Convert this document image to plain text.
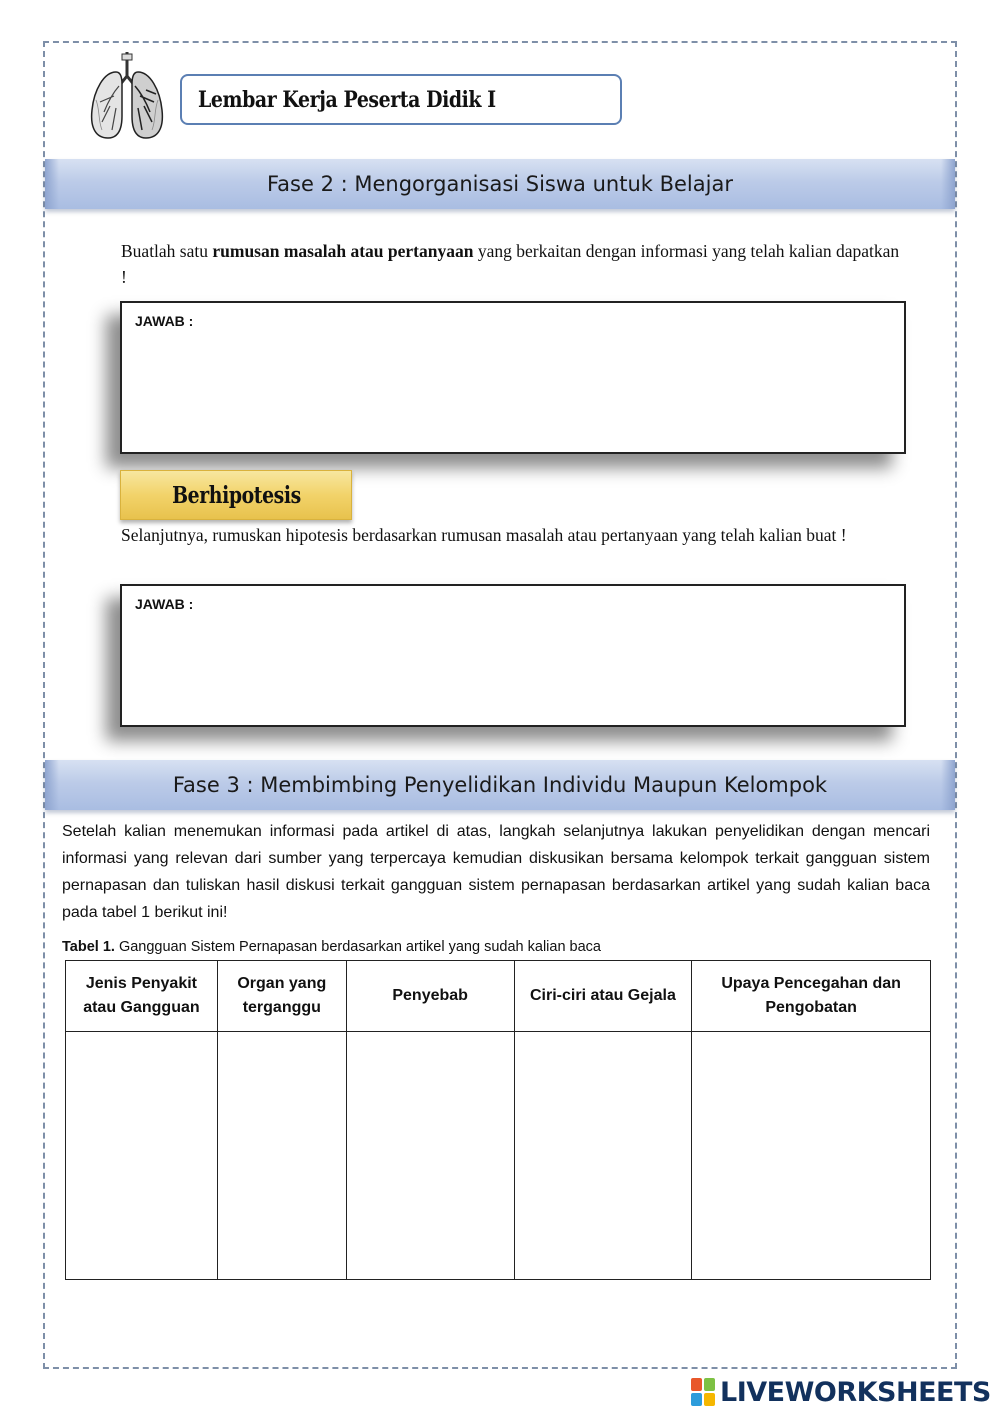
Lembar Kerja Peserta Didik I
Fase 2 : Mengorganisasi Siswa untuk Belajar
Buatlah satu rumusan masalah atau pertanyaan yang berkaitan dengan informasi yang telah kalian dapatkan !
JAWAB :
Berhipotesis
Selanjutnya, rumuskan hipotesis berdasarkan rumusan masalah atau pertanyaan yang telah kalian buat !
JAWAB :
Fase 3 : Membimbing Penyelidikan Individu Maupun Kelompok
Setelah kalian menemukan informasi pada artikel di atas, langkah selanjutnya lakukan penyelidikan dengan mencari informasi yang relevan dari sumber yang terpercaya kemudian diskusikan bersama kelompok terkait gangguan sistem pernapasan dan tuliskan hasil diskusi terkait gangguan sistem pernapasan berdasarkan artikel yang sudah kalian baca pada tabel 1 berikut ini!
Tabel 1. Gangguan Sistem Pernapasan berdasarkan artikel yang sudah kalian baca
Jenis Penyakit atau Gangguan	Organ yang terganggu	Penyebab	Ciri-ciri atau Gejala	Upaya Pencegahan dan Pengobatan

LIVEWORKSHEETS
